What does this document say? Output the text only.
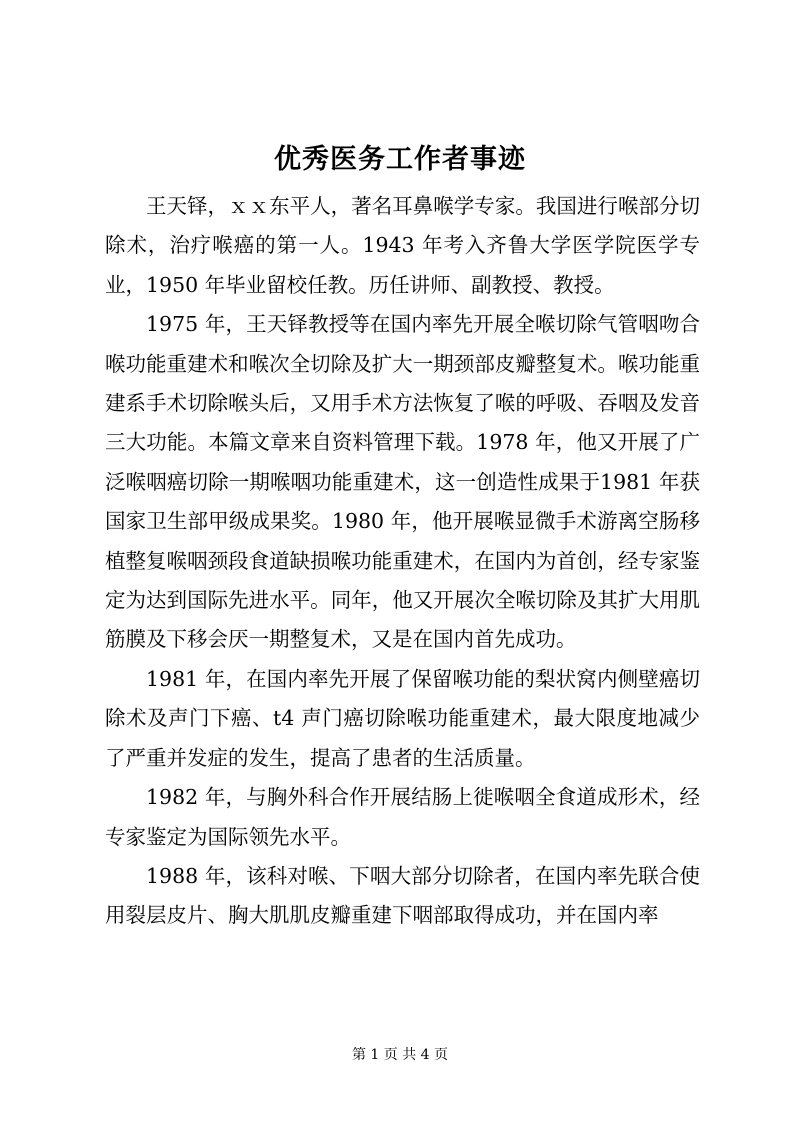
优秀医务工作者事迹

王天铎，ｘｘ东平人，著名耳鼻喉学专家。我国进行喉部分切除术，治疗喉癌的第一人。1943 年考入齐鲁大学医学院医学专业，1950 年毕业留校任教。历任讲师、副教授、教授。

1975 年，王天铎教授等在国内率先开展全喉切除气管咽吻合喉功能重建术和喉次全切除及扩大一期颈部皮瓣整复术。喉功能重建系手术切除喉头后，又用手术方法恢复了喉的呼吸、吞咽及发音三大功能。本篇文章来自资料管理下载。1978 年，他又开展了广泛喉咽癌切除一期喉咽功能重建术，这一创造性成果于1981 年获国家卫生部甲级成果奖。1980 年，他开展喉显微手术游离空肠移植整复喉咽颈段食道缺损喉功能重建术，在国内为首创，经专家鉴定为达到国际先进水平。同年，他又开展次全喉切除及其扩大用肌筋膜及下移会厌一期整复术，又是在国内首先成功。

1981 年，在国内率先开展了保留喉功能的梨状窝内侧壁癌切除术及声门下癌、t4 声门癌切除喉功能重建术，最大限度地减少了严重并发症的发生，提高了患者的生活质量。

1982 年，与胸外科合作开展结肠上徙喉咽全食道成形术，经专家鉴定为国际领先水平。

1988 年，该科对喉、下咽大部分切除者，在国内率先联合使用裂层皮片、胸大肌肌皮瓣重建下咽部取得成功，并在国内率

第 1 页 共 4 页
